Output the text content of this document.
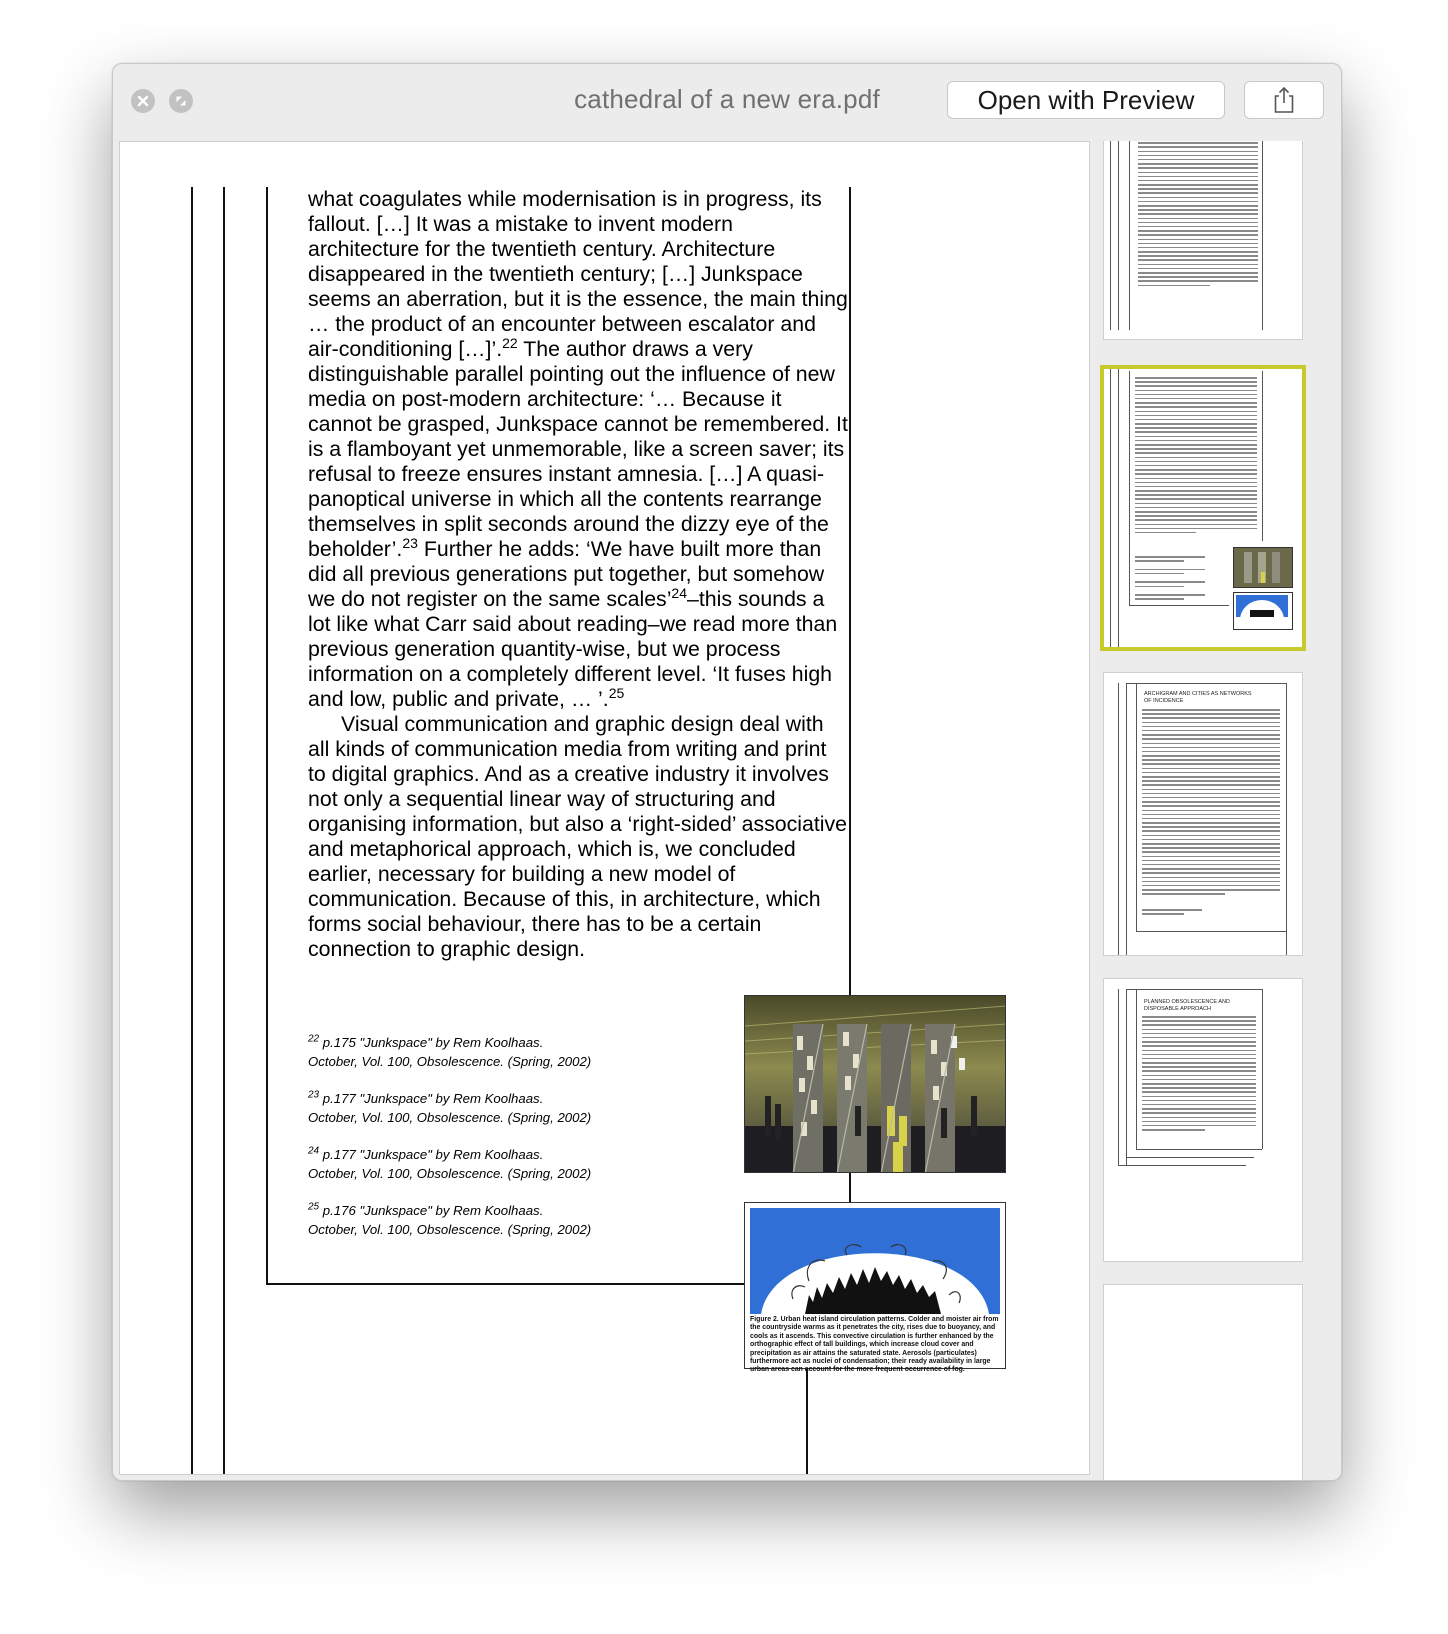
cathedral of a new era.pdf	Open with Preview

what coagulates while modernisation is in progress, its fallout. […] It was a mistake to invent modern architecture for the twentieth century. Architecture disappeared in the twentieth century; […] Junkspace seems an aberration, but it is the essence, the main thing … the product of an encounter between escalator and air-conditioning […]’.$^{22}$ The author draws a very distinguishable parallel pointing out the influence of new media on post-modern architecture: ‘… Because it cannot be grasped, Junkspace cannot be remembered. It is a flamboyant yet unmemorable, like a screen saver; its refusal to freeze ensures instant amnesia. […] A quasi-panoptical universe in which all the contents rearrange themselves in split seconds around the dizzy eye of the beholder’.$^{23}$ Further he adds: ‘We have built more than did all previous generations put together, but somehow we do not register on the same scales’$^{24}$–this sounds a lot like what Carr said about reading–we read more than previous generation quantity-wise, but we process information on a completely different level. ‘It fuses high and low, public and private, … ’.$^{25}$

Visual communication and graphic design deal with all kinds of communication media from writing and print to digital graphics. And as a creative industry it involves not only a sequential linear way of structuring and organising information, but also a ‘right-sided’ associative and metaphorical approach, which is, we concluded earlier, necessary for building a new model of communication. Because of this, in architecture, which forms social behaviour, there has to be a certain connection to graphic design.

$^{22}$ p.175 "Junkspace" by Rem Koolhaas.
October, Vol. 100, Obsolescence. (Spring, 2002)
$^{23}$ p.177 "Junkspace" by Rem Koolhaas.
October, Vol. 100, Obsolescence. (Spring, 2002)
$^{24}$ p.177 "Junkspace" by Rem Koolhaas.
October, Vol. 100, Obsolescence. (Spring, 2002)
$^{25}$ p.176 "Junkspace" by Rem Koolhaas.
October, Vol. 100, Obsolescence. (Spring, 2002)
Figure 2. Urban heat island circulation patterns. Colder and moister air from the countryside warms as it penetrates the city, rises due to buoyancy, and cools as it ascends. This convective circulation is further enhanced by the orthographic effect of tall buildings, which increase cloud cover and precipitation as air attains the saturated state. Aerosols (particulates) furthermore act as nuclei of condensation; their ready availability in large urban areas can account for the more frequent occurrence of fog.
ARCHIGRAM AND CITIES AS NETWORKS OF INCIDENCE
PLANNED OBSOLESCENCE AND DISPOSABLE APPROACH
